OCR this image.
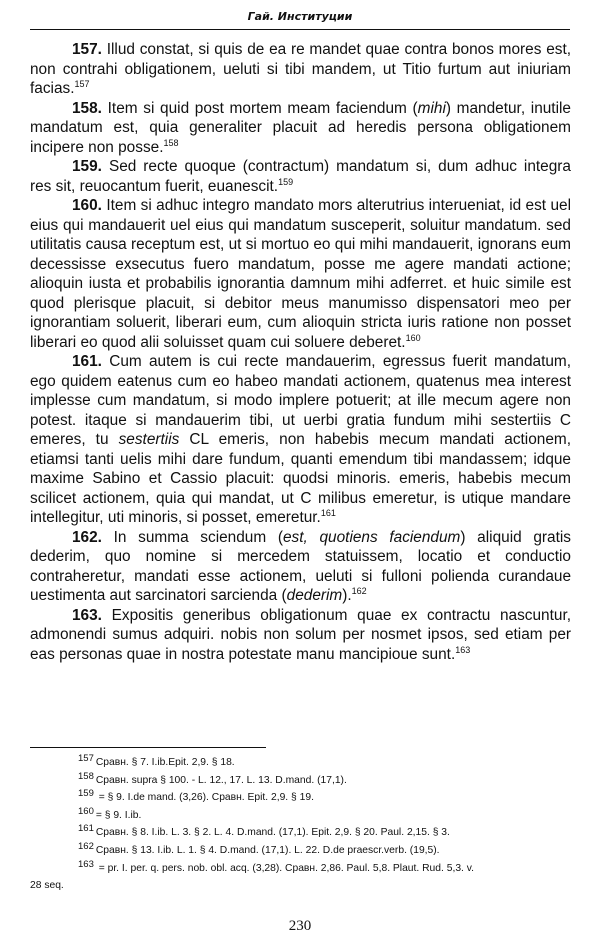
Гай. Институции

157. Illud constat, si quis de ea re mandet quae contra bonos mores est, non contrahi obligationem, ueluti si tibi mandem, ut Titio furtum aut iniuriam facias.$^{157}$

158. Item si quid post mortem meam faciendum (mihi) mandetur, inutile mandatum est, quia generaliter placuit ad heredis persona obligationem incipere non posse.$^{158}$

159. Sed recte quoque (contractum) mandatum si, dum adhuc integra res sit, reuocantum fuerit, euanescit.$^{159}$

160. Item si adhuc integro mandato mors alterutrius interueniat, id est uel eius qui mandauerit uel eius qui mandatum susceperit, soluitur mandatum. sed utilitatis causa receptum est, ut si mortuo eo qui mihi mandauerit, ignorans eum decessisse exsecutus fuero mandatum, posse me agere mandati actione; alioquin iusta et probabilis ignorantia damnum mihi adferret. et huic simile est quod plerisque placuit, si debitor meus manumisso dispensatori meo per ignorantiam soluerit, liberari eum, cum alioquin stricta iuris ratione non posset liberari eo quod alii soluisset quam cui soluere deberet.$^{160}$

161. Cum autem is cui recte mandauerim, egressus fuerit mandatum, ego quidem eatenus cum eo habeo mandati actionem, quatenus mea interest implesse cum mandatum, si modo implere potuerit; at ille mecum agere non potest. itaque si mandauerim tibi, ut uerbi gratia fundum mihi sestertiis C emeres, tu sestertiis CL emeris, non habebis mecum mandati actionem, etiamsi tanti uelis mihi dare fundum, quanti emendum tibi mandassem; idque maxime Sabino et Cassio placuit: quodsi minoris. emeris, habebis mecum scilicet actionem, quia qui mandat, ut C milibus emeretur, is utique mandare intellegitur, uti minoris, si posset, emeretur.$^{161}$

162. In summa sciendum (est, quotiens faciendum) aliquid gratis dederim, quo nomine si mercedem statuissem, locatio et conductio contraheretur, mandati esse actionem, ueluti si fulloni polienda curandaue uestimenta aut sarcinatori sarcienda (dederim).$^{162}$

163. Expositis generibus obligationum quae ex contractu nascuntur, admonendi sumus adquiri. nobis non solum per nosmet ipsos, sed etiam per eas personas quae in nostra potestate manu mancipioue sunt.$^{163}$

$^{157}$ Сравн. § 7. I.ib.Epit. 2,9. § 18.

$^{158}$ Сравн. supra § 100. - L. 12., 17. L. 13. D.mand. (17,1).

$^{159}$ = § 9. I.de mand. (3,26). Сравн. Epit. 2,9. § 19.

$^{160}$ = § 9. I.ib.

$^{161}$ Сравн. § 8. I.ib. L. 3. § 2. L. 4. D.mand. (17,1). Epit. 2,9. § 20. Paul. 2,15. § 3.

$^{162}$ Сравн. § 13. I.ib. L. 1. § 4. D.mand. (17,1). L. 22. D.de praescr.verb. (19,5).

$^{163}$ = pr. I. per. q. pers. nob. obl. acq. (3,28). Сравн. 2,86. Paul. 5,8. Plaut. Rud. 5,3. v.

28 seq.

230
